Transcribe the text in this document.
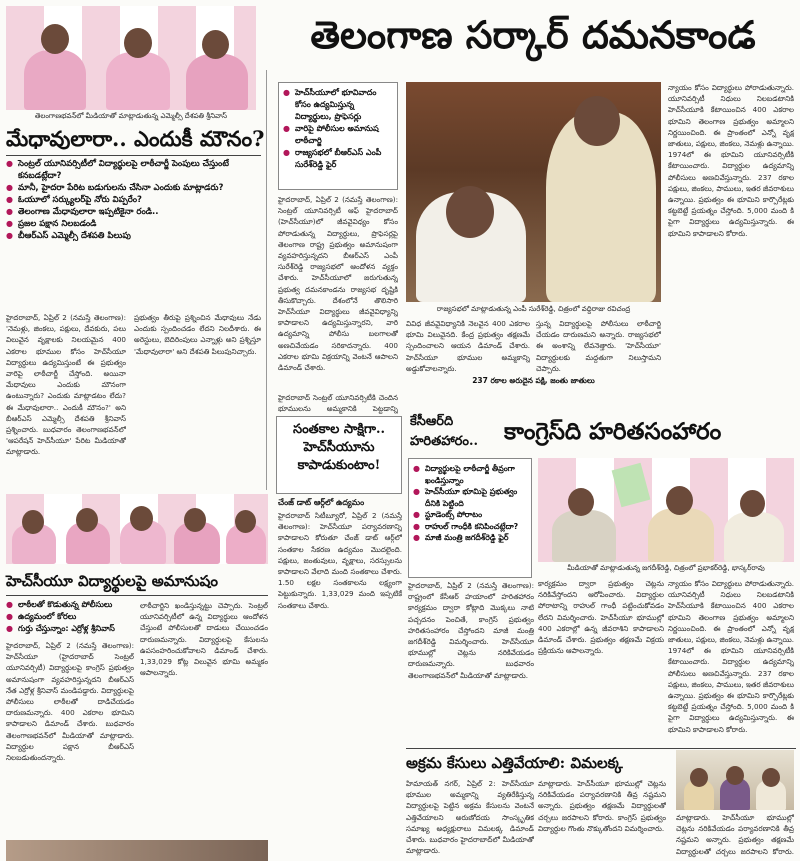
తెలంగాణభవన్‌లో మీడియాతో మాట్లాడుతున్న ఎమ్మెల్సీ దేశపతి శ్రీనివాస్
మేధావులారా.. ఎందుకీ మౌనం?
● సెంట్రల్ యూనివర్సిటీలో విద్యార్థులపై లాఠీచార్జీ పెంపులు చేస్తుంటే కనబడట్లేదా?
● మానీ, హైదరా పేరిట బడుగులను చేసినా ఎందుకు మాట్లాడరు?
● ఓయూలో సర్క్యులర్‌పై నోరు విప్పరేం?
● తెలంగాణ మేధావులారా ఇప్పటికైనా రండి..
● ప్రజల పక్షాన నిలబడండి
● బీఆర్ఎస్ ఎమ్మెల్సీ దేశపతి పిలుపు
హైదరాబాద్, ఏప్రిల్ 2 (నమస్తే తెలంగాణ): 'నెమళ్లు, జింకలు, పక్షులు, దేవకురు, పలు విలువైన వృక్షాలకు నిలయమైన 400 ఎకరాల భూముల కోసం హెచ్‌సీయూ విద్యార్థులు ఉద్యమిస్తుంటే ఈ ప్రభుత్వం వారిపై లాఠీచార్జీ చేస్తోంది. అయినా మేధావులు ఎందుకు మౌనంగా ఉంటున్నారు? ఎందుకు మాట్లాడటం లేదు? ఈ మేధావులారా.. ఎందుకీ మౌనం?' అని బీఆర్ఎస్ ఎమ్మెల్సీ దేశపతి శ్రీనివాస్ ప్రశ్నించారు. బుధవారం తెలంగాణభవన్‌లో 'ఆపరేషన్ హెచ్‌సీయూ' పేరిట మీడియాతో మాట్లాడారు.
ప్రభుత్వం తీరుపై ప్రశ్నించిన మేధావులు నేడు ఎందుకు స్పందించడం లేదని నిలదీశారు. ఈ అరెస్టులు, బెదిరింపులు ఎన్నాళ్లు అని ప్రశ్నిస్తూ 'మేధావులారా' అని దేశపతి పిలుపునిచ్చారు.
తెలంగాణ సర్కార్ దమనకాండ
● హెచ్‌సీయూలో భూవివాదం కోసం ఉద్యమిస్తున్న విద్యార్థులు, ప్రొఫెసర్లు
● వారిపై పోలీసుల అమానుష లాఠీచార్జి
● రాజ్యసభలో బీఆర్ఎస్ ఎంపీ సురేశ్‌రెడ్డి ఫైర్
హైదరాబాద్, ఏప్రిల్ 2 (నమస్తే తెలంగాణ): సెంట్రల్ యూనివర్సిటీ ఆఫ్ హైదరాబాద్ (హెచ్‌సీయూ)లో జీవవైవిధ్యం కోసం పోరాడుతున్న విద్యార్థులు, ప్రొఫెసర్లపై తెలంగాణ రాష్ట్ర ప్రభుత్వం అమానుషంగా వ్యవహరిస్తున్నదని బీఆర్ఎస్ ఎంపీ సురేశ్‌రెడ్డి రాజ్యసభలో ఆందోళన వ్యక్తం చేశారు. హెచ్‌సీయూలో జరుగుతున్న ప్రభుత్వ దమనకాండను రాజ్యసభ దృష్టికి తీసుకొచ్చారు. దేశంలోనే తొలిసారి హెచ్‌సీయూ విద్యార్థులు జీవవైవిధ్యాన్ని కాపాడాలని ఉద్యమిస్తున్నారని, వారి ఉద్యమాన్ని పోలీసు బలగాలతో అణచివేయడం సరికాదన్నారు. 400 ఎకరాల భూమి విక్రయాన్ని వెంటనే ఆపాలని డిమాండ్ చేశారు.
రాజ్యసభలో మాట్లాడుతున్న ఎంపీ సురేశ్‌రెడ్డి, చిత్రంలో వద్దిరాజు రవిచంద్ర
న్యాయం కోసం విద్యార్థులు పోరాడుతున్నారు. యూనివర్సిటీ నిధులు నిలబడటానికి హెచ్‌సీయూకి కేటాయించిన 400 ఎకరాల భూమిని తెలంగాణ ప్రభుత్వం అమ్మాలని నిర్ణయించింది. ఈ ప్రాంతంలో ఎన్నో వృక్ష జాతులు, పక్షులు, జింకలు, నెమళ్లు ఉన్నాయి. 1974లో ఈ భూమిని యూనివర్సిటీకి కేటాయించారు. విద్యార్థుల ఉద్యమాన్ని పోలీసులు అణచివేస్తున్నారు. 237 రకాల పక్షులు, జింకలు, పాములు, ఇతర జీవరాశులు ఉన్నాయి. ప్రభుత్వం ఈ భూమిని కార్పొరేట్లకు కట్టబెట్టే ప్రయత్నం చేస్తోంది. 5,000 మంది కి పైగా విద్యార్థులు ఉద్యమిస్తున్నారు. ఈ భూమిని కాపాడాలని కోరారు.
వివిధ జీవవైవిధ్యానికి నెలవైన 400 ఎకరాల భూమి విలువైనది. కేంద్ర ప్రభుత్వం తక్షణమే స్పందించాలని ఆయన డిమాండ్ చేశారు. హెచ్‌సీయూ భూముల అమ్మకాన్ని అడ్డుకోవాలన్నారు.
స్తున్న విద్యార్థులపై పోలీసులు లాఠీచార్జి చేయడం దారుణమని అన్నారు. రాజ్యసభలో ఈ అంశాన్ని లేవనెత్తారు. 'హెచ్‌సీయూ' విద్యార్థులకు మద్దతుగా నిలుస్తామని చెప్పారు.
237 రకాల అరుదైన పక్షి, జంతు జాతులు
హైదరాబాద్ సెంట్రల్ యూనివర్సిటీకి చెందిన భూములను అమ్మకానికి పెట్టడాన్ని
సంతకాల సాక్షిగా..
హెచ్‌సీయూను
కాపాడుకుంటాం!
చేంజ్ డాట్ ఆర్గ్‌లో ఉద్యమం
హైదరాబాద్ సిటీబ్యూరో, ఏప్రిల్ 2 (నమస్తే తెలంగాణ): హెచ్‌సీయూ పర్యావరణాన్ని కాపాడాలని కోరుతూ చేంజ్ డాట్ ఆర్గ్‌లో సంతకాల సేకరణ ఉద్యమం మొదలైంది. పక్షులు, జంతువులు, వృక్షాలు, సరస్సులను కాపాడాలని వేలాది మంది సంతకాలు చేశారు. 1.50 లక్షల సంతకాలను లక్ష్యంగా పెట్టుకున్నారు. 1,33,029 మంది ఇప్పటికే సంతకాలు చేశారు.
కేసీఆర్‌ది
హరితహారం..	కాంగ్రెస్‌ది హరితసంహారం
● విద్యార్థులపై లాఠీచార్జీ తీవ్రంగా ఖండిస్తున్నాం
● హెచ్‌సీయూ భూమిపై ప్రభుత్వం దీనికి పెట్టింది
● స్టూడెంట్స్ పోరాటం
● రాహుల్ గాంధీకి కనిపించట్లేదా?
● మాజీ మంత్రి జగదీశ్‌రెడ్డి ఫైర్
మీడియాతో మాట్లాడుతున్న జగదీశ్‌రెడ్డి, చిత్రంలో ప్రభాకర్‌రెడ్డి, భాస్కర్‌రావు
హైదరాబాద్, ఏప్రిల్ 2 (నమస్తే తెలంగాణ): రాష్ట్రంలో కేసీఆర్ హయాంలో హరితహారం కార్యక్రమం ద్వారా కోట్లాది మొక్కలు నాటి పచ్చదనం పెంచితే, కాంగ్రెస్ ప్రభుత్వం హరితసంహారం చేస్తోందని మాజీ మంత్రి జగదీశ్‌రెడ్డి విమర్శించారు. హెచ్‌సీయూ భూముల్లో చెట్లను నరికివేయడం దారుణమన్నారు. బుధవారం తెలంగాణభవన్‌లో మీడియాతో మాట్లాడారు.
కార్యక్రమం ద్వారా ప్రభుత్వం చెట్లను నరికివేస్తోందని ఆరోపించారు. విద్యార్థుల పోరాటాన్ని రాహుల్ గాంధీ పట్టించుకోవడం లేదని విమర్శించారు. హెచ్‌సీయూ భూముల్లో 400 ఎకరాల్లో ఉన్న జీవరాశిని కాపాడాలని డిమాండ్ చేశారు. ప్రభుత్వం తక్షణమే విక్రయ ప్రక్రియను ఆపాలన్నారు.
న్యాయం కోసం విద్యార్థులు పోరాడుతున్నారు. యూనివర్సిటీ నిధులు నిలబడటానికి హెచ్‌సీయూకి కేటాయించిన 400 ఎకరాల భూమిని తెలంగాణ ప్రభుత్వం అమ్మాలని నిర్ణయించింది. ఈ ప్రాంతంలో ఎన్నో వృక్ష జాతులు, పక్షులు, జింకలు, నెమళ్లు ఉన్నాయి. 1974లో ఈ భూమిని యూనివర్సిటీకి కేటాయించారు. విద్యార్థుల ఉద్యమాన్ని పోలీసులు అణచివేస్తున్నారు. 237 రకాల పక్షులు, జింకలు, పాములు, ఇతర జీవరాశులు ఉన్నాయి. ప్రభుత్వం ఈ భూమిని కార్పొరేట్లకు కట్టబెట్టే ప్రయత్నం చేస్తోంది. 5,000 మంది కి పైగా విద్యార్థులు ఉద్యమిస్తున్నారు. ఈ భూమిని కాపాడాలని కోరారు.
హెచ్‌సీయూ విద్యార్థులపై అమానుషం
● లాఠీలతో కొడుతున్న పోలీసులు
● ఉద్యమంలో కోరలు
● గుర్తు చేస్తున్నాం: ఎర్రోళ్ల శ్రీనివాస్
హైదరాబాద్, ఏప్రిల్ 2 (నమస్తే తెలంగాణ): హెచ్‌సీయూ (హైదరాబాద్ సెంట్రల్ యూనివర్సిటీ) విద్యార్థులపై కాంగ్రెస్ ప్రభుత్వం అమానుషంగా వ్యవహరిస్తున్నదని బీఆర్ఎస్ నేత ఎర్రోళ్ల శ్రీనివాస్ మండిపడ్డారు. విద్యార్థులపై పోలీసులు లాఠీలతో దాడిచేయడం దారుణమన్నారు. 400 ఎకరాల భూమిని కాపాడాలని డిమాండ్ చేశారు. బుధవారం తెలంగాణభవన్‌లో మీడియాతో మాట్లాడారు. విద్యార్థుల పక్షాన బీఆర్ఎస్ నిలబడుతుందన్నారు.
లాఠీచార్జిని ఖండిస్తున్నట్టు చెప్పారు. సెంట్రల్ యూనివర్సిటీలో ఉన్న విద్యార్థులు ఆందోళన చేస్తుంటే పోలీసులతో దాడులు చేయించడం దారుణమన్నారు. విద్యార్థులపై కేసులను ఉపసంహరించుకోవాలని డిమాండ్ చేశారు. 1,33,029 కోట్ల విలువైన భూమి అమ్మకం ఆపాలన్నారు.
అక్రమ కేసులు ఎత్తివేయాలి: విమలక్క
హిమాయత్ నగర్, ఏప్రిల్ 2: హెచ్‌సీయూ భూముల అమ్మకాన్ని వ్యతిరేకిస్తున్న విద్యార్థులపై పెట్టిన అక్రమ కేసులను వెంటనే ఎత్తివేయాలని అరుణోదయ సాంస్కృతిక సమాఖ్య అధ్యక్షురాలు విమలక్క డిమాండ్ చేశారు. బుధవారం హైదరాబాద్‌లో మీడియాతో మాట్లాడారు.
మాట్లాడారు. హెచ్‌సీయూ భూముల్లో చెట్లను నరికివేయడం పర్యావరణానికి తీవ్ర నష్టమని అన్నారు. ప్రభుత్వం తక్షణమే విద్యార్థులతో చర్చలు జరపాలని కోరారు. కాంగ్రెస్ ప్రభుత్వం విద్యార్థుల గొంతు నొక్కుతోందని విమర్శించారు.
మాట్లాడారు. హెచ్‌సీయూ భూముల్లో చెట్లను నరికివేయడం పర్యావరణానికి తీవ్ర నష్టమని అన్నారు. ప్రభుత్వం తక్షణమే విద్యార్థులతో చర్చలు జరపాలని కోరారు.
